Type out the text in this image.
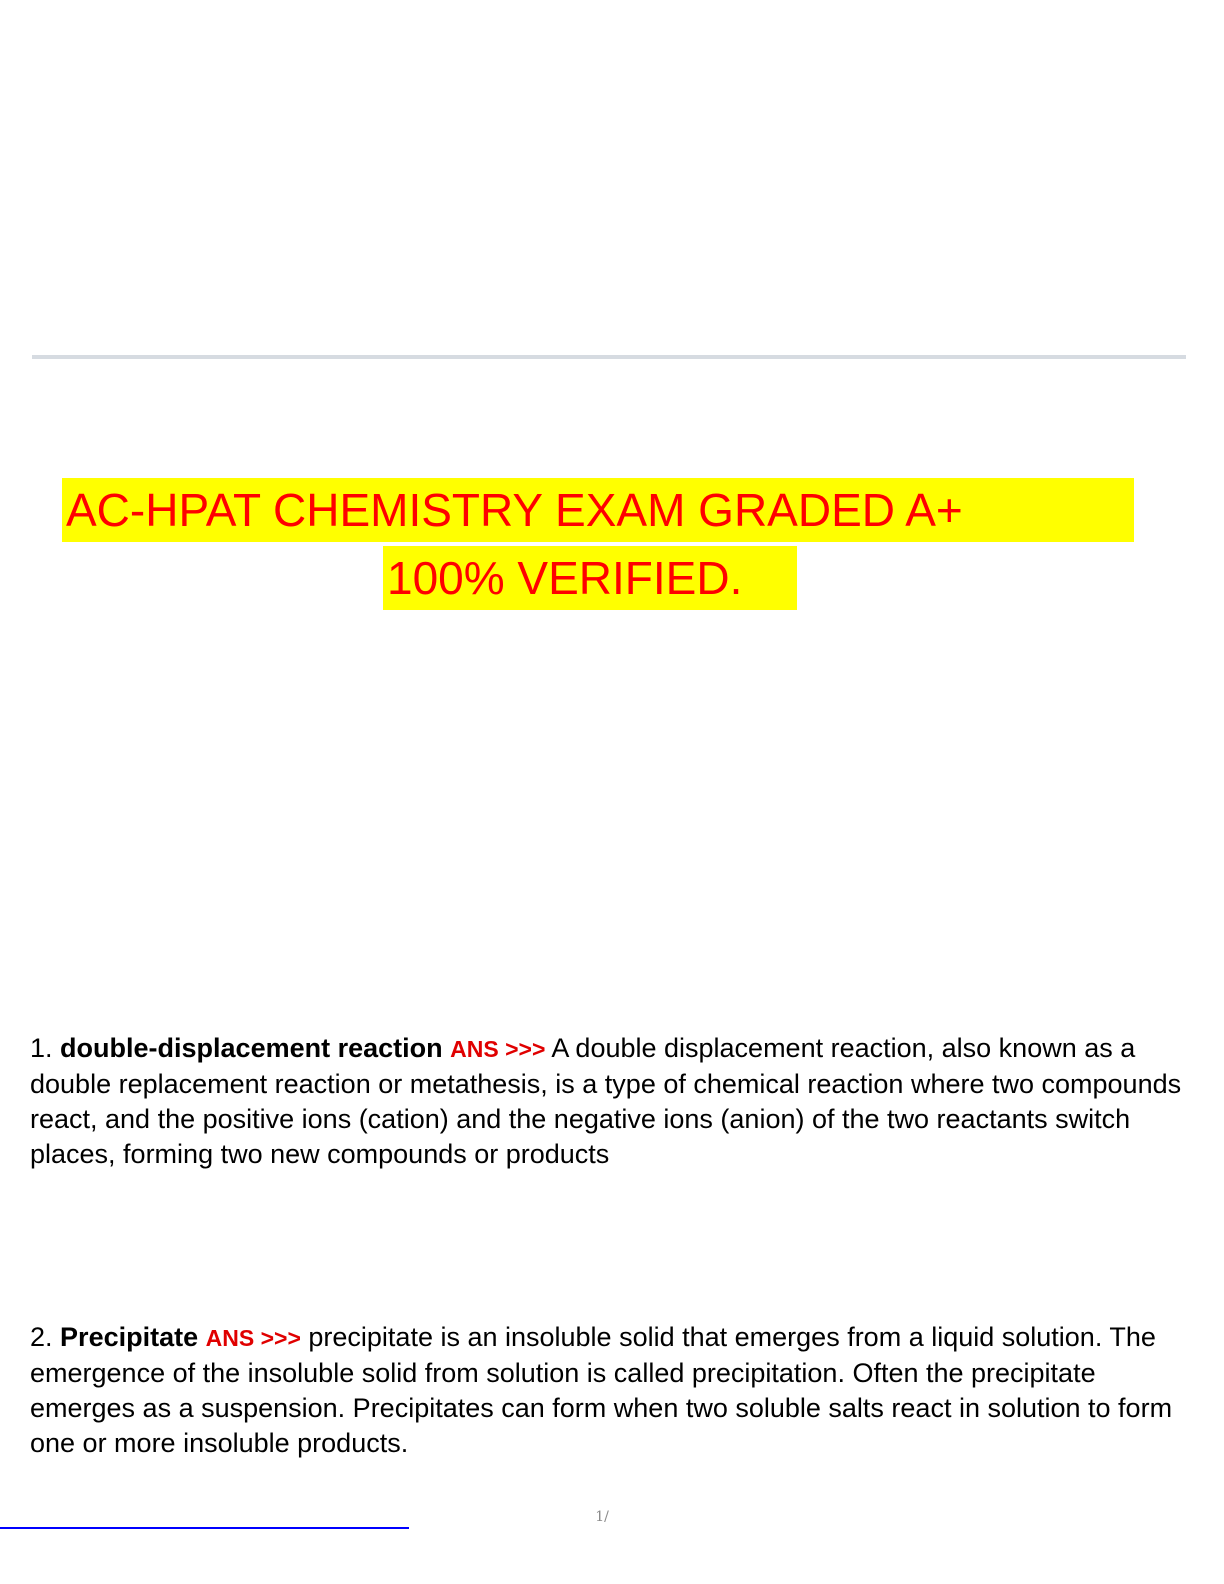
AC-HPAT CHEMISTRY EXAM GRADED A+
100% VERIFIED.
1. double-displacement reaction ANS >>> A double displacement reaction, also known as a double replacement reaction or metathesis, is a type of chemical reaction where two compounds react, and the positive ions (cation) and the negative ions (anion) of the two reactants switch places, forming two new compounds or products
2. Precipitate ANS >>> precipitate is an insoluble solid that emerges from a liquid solution. The emergence of the insoluble solid from solution is called precipitation. Often the precipitate emerges as a suspension. Precipitates can form when two soluble salts react in solution to form one or more insoluble products.
1/
